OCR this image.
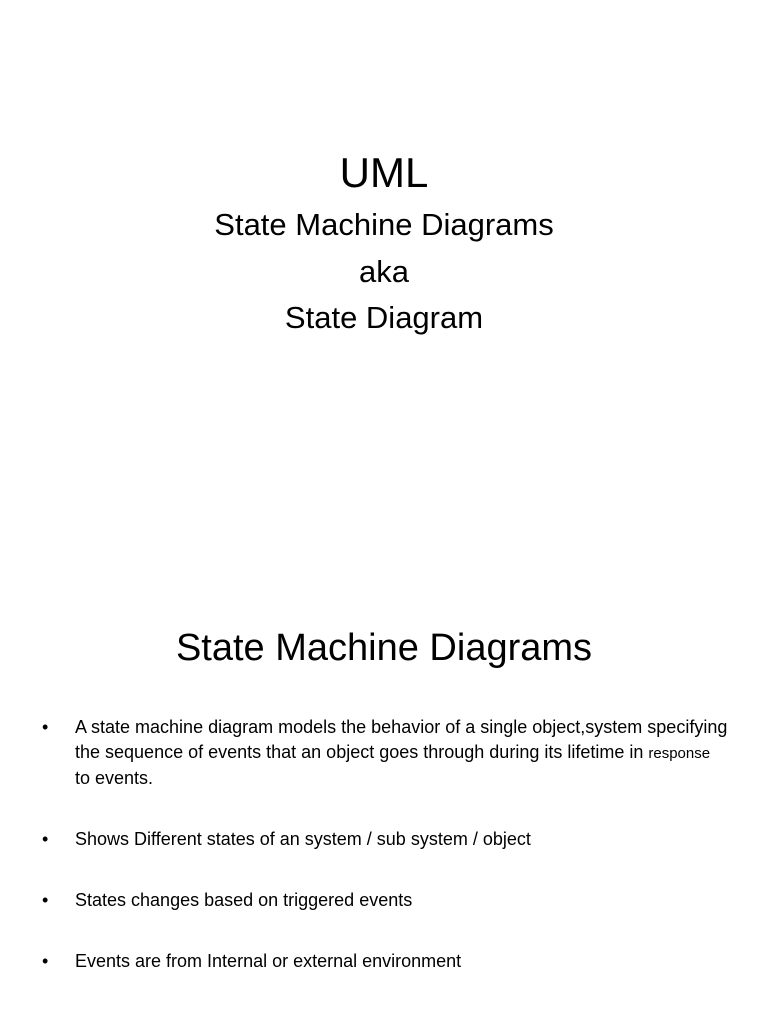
UML
State Machine Diagrams
aka
State Diagram
State Machine Diagrams
• A state machine diagram models the behavior of a single object,system specifying the sequence of events that an object goes through during its lifetime in response to events.
• Shows Different states of an system / sub system / object
• States changes based on triggered events
• Events are from Internal or external environment
